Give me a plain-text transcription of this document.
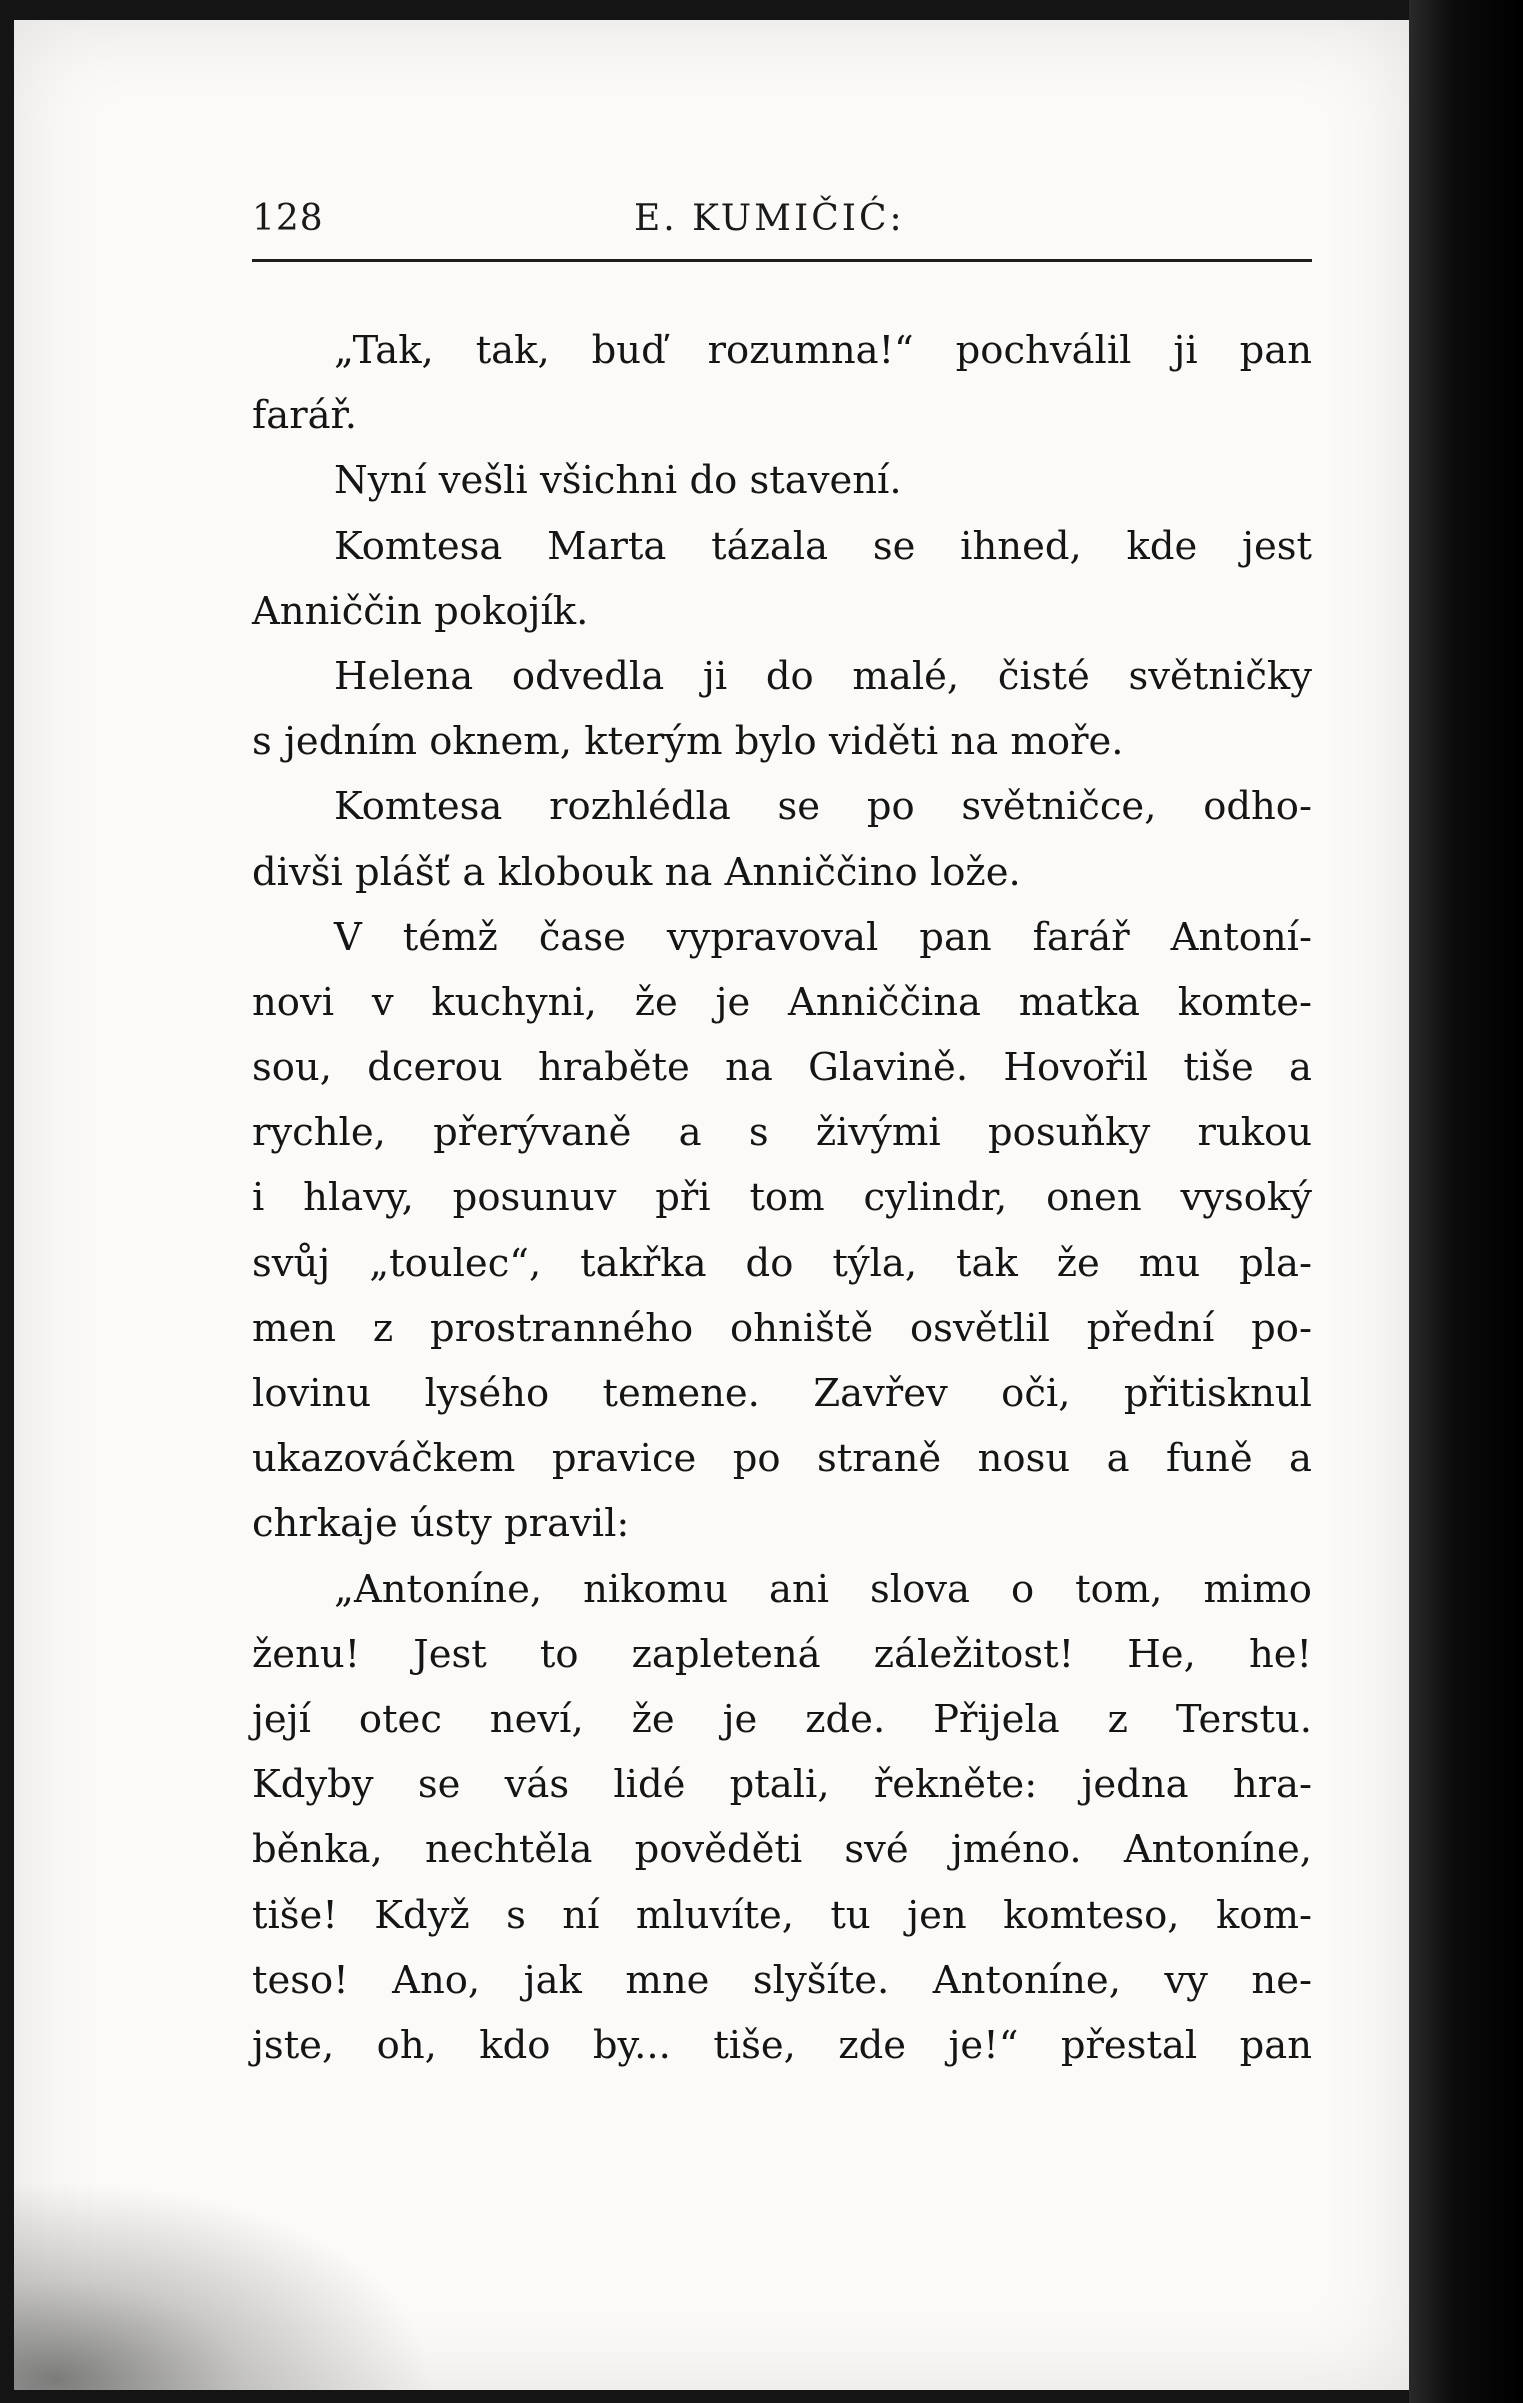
128	E. KUMIČIĆ:
„Tak, tak, buď rozumna!“ pochválil ji pan
farář.
Nyní vešli všichni do stavení.
Komtesa Marta tázala se ihned, kde jest
Anniččin pokojík.
Helena odvedla ji do malé, čisté světničky
s jedním oknem, kterým bylo viděti na moře.
Komtesa rozhlédla se po světničce, odho-
divši plášť a klobouk na Anniččino lože.
V témž čase vypravoval pan farář Antoní-
novi v kuchyni, že je Anniččina matka komte-
sou, dcerou hraběte na Glavině. Hovořil tiše a
rychle, přerývaně a s živými posuňky rukou
i hlavy, posunuv při tom cylindr, onen vysoký
svůj „toulec“, takřka do týla, tak že mu pla-
men z prostranného ohniště osvětlil přední po-
lovinu lysého temene. Zavřev oči, přitisknul
ukazováčkem pravice po straně nosu a funě a
chrkaje ústy pravil:
„Antoníne, nikomu ani slova o tom, mimo
ženu! Jest to zapletená záležitost! He, he!
její otec neví, že je zde. Přijela z Terstu.
Kdyby se vás lidé ptali, řekněte: jedna hra-
běnka, nechtěla pověděti své jméno. Antoníne,
tiše! Když s ní mluvíte, tu jen komteso, kom-
teso! Ano, jak mne slyšíte. Antoníne, vy ne-
jste, oh, kdo by... tiše, zde je!“ přestal pan
